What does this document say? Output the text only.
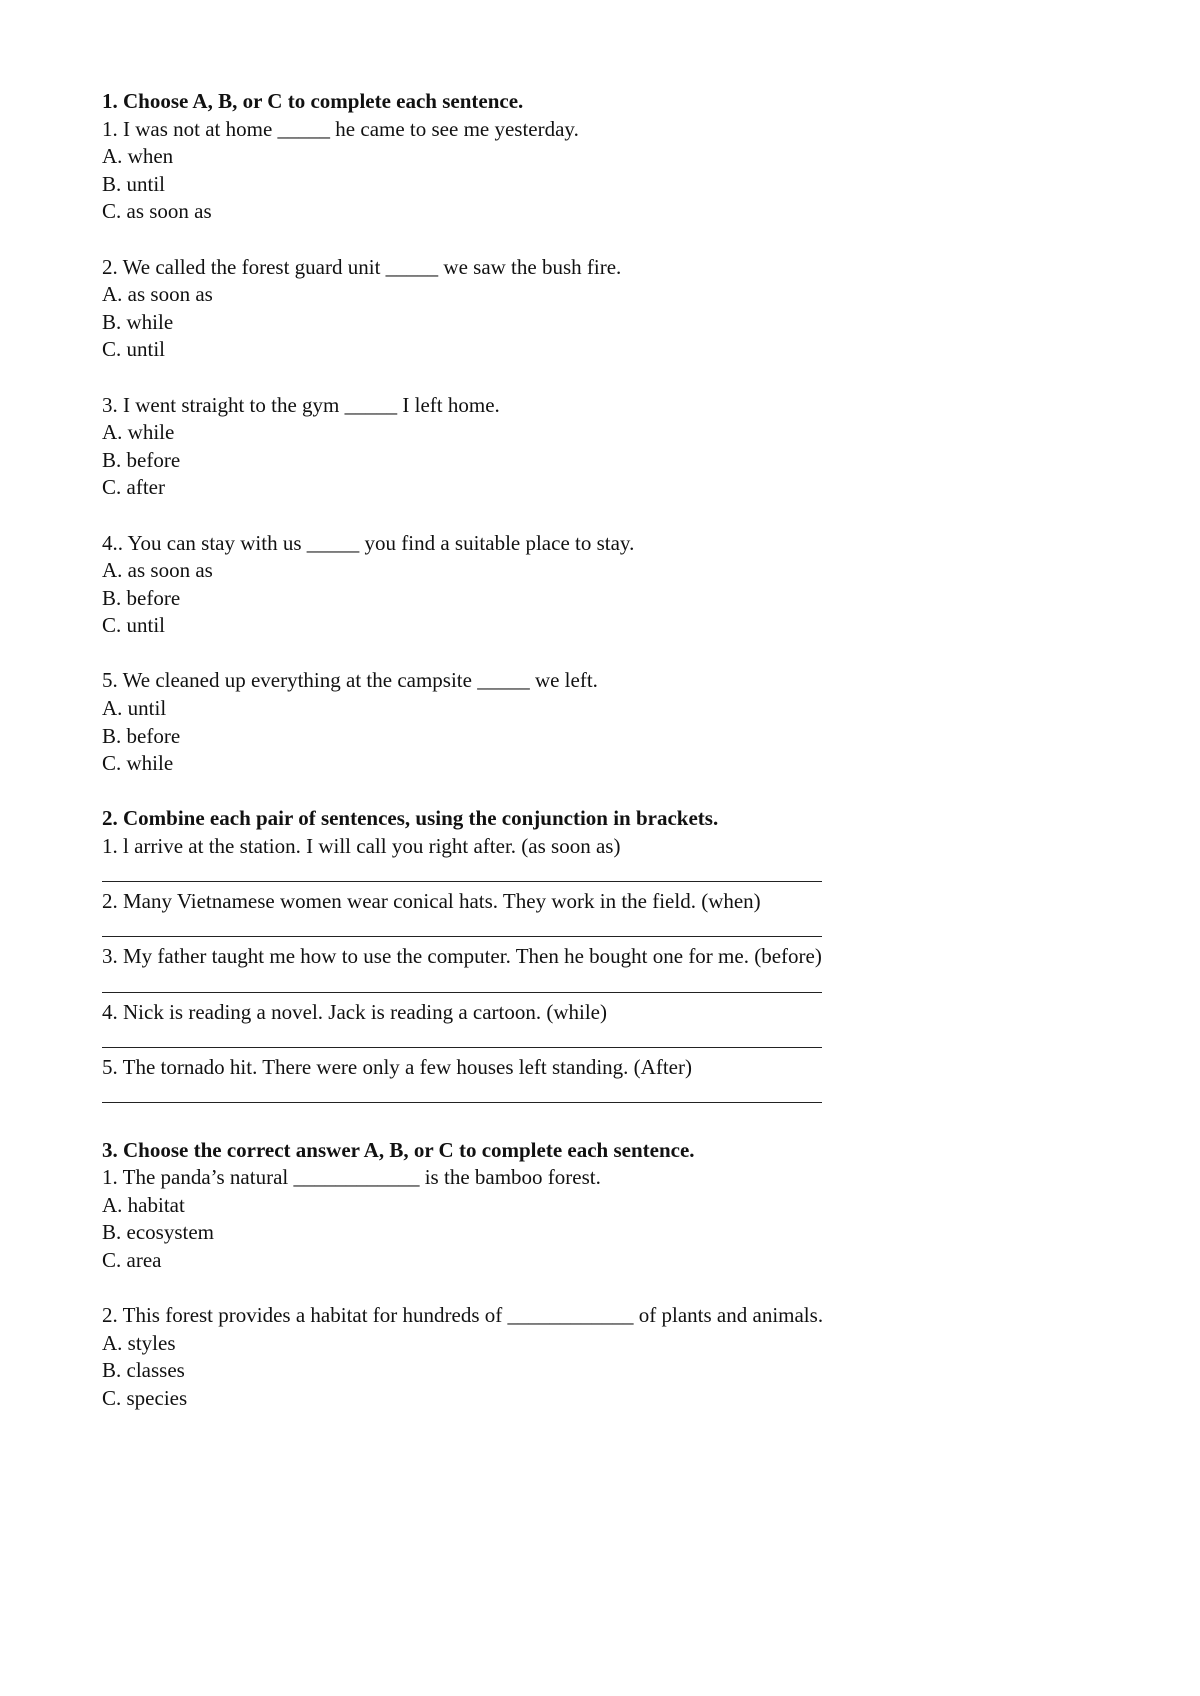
1. Choose A, B, or C to complete each sentence.
1. I was not at home _____ he came to see me yesterday.
A. when
B. until
C. as soon as
2. We called the forest guard unit _____ we saw the bush fire.
A. as soon as
B. while
C. until
3. I went straight to the gym _____ I left home.
A. while
B. before
C. after
4.. You can stay with us _____ you find a suitable place to stay.
A. as soon as
B. before
C. until
5. We cleaned up everything at the campsite _____ we left.
A. until
B. before
C. while
2. Combine each pair of sentences, using the conjunction in brackets.
1. l arrive at the station. I will call you right after. (as soon as)
2. Many Vietnamese women wear conical hats. They work in the field. (when)
3. My father taught me how to use the computer. Then he bought one for me. (before)
4. Nick is reading a novel. Jack is reading a cartoon. (while)
5. The tornado hit. There were only a few houses left standing. (After)
3. Choose the correct answer A, B, or C to complete each sentence.
1. The panda’s natural ____________ is the bamboo forest.
A. habitat
B. ecosystem
C. area
2. This forest provides a habitat for hundreds of ____________ of plants and animals.
A. styles
B. classes
C. species
